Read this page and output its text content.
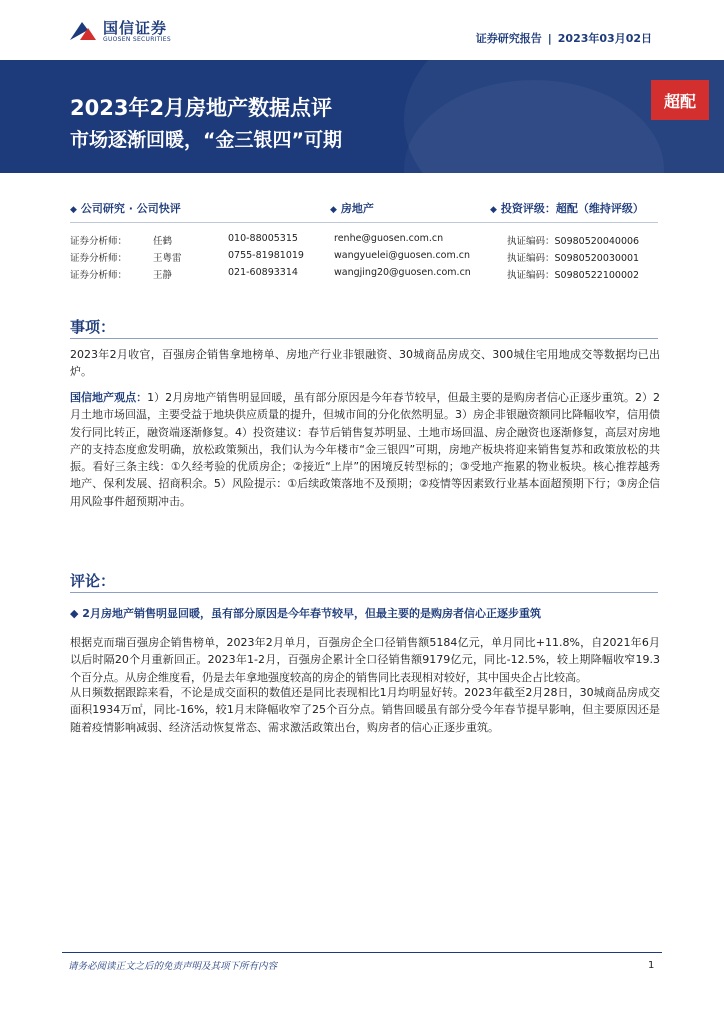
国信证券
GUOSEN SECURITIES	证券研究报告 | 2023年03月02日
2023年2月房地产数据点评
市场逐渐回暖，“金三银四”可期
超配
◆ 公司研究 · 公司快评	◆ 房地产	◆ 投资评级：超配（维持评级）
证券分析师：	任鹤	010-88005315	renhe@guosen.com.cn	执证编码：S0980520040006
证券分析师：	王粤雷	0755-81981019	wangyuelei@guosen.com.cn	执证编码：S0980520030001
证券分析师：	王静	021-60893314	wangjing20@guosen.com.cn	执证编码：S0980522100002
事项：
2023年2月收官，百强房企销售拿地榜单、房地产行业非银融资、30城商品房成交、300城住宅用地成交等数据均已出炉。
国信地产观点：1）2月房地产销售明显回暖，虽有部分原因是今年春节较早，但最主要的是购房者信心正逐步重筑。2）2月土地市场回温，主要受益于地块供应质量的提升，但城市间的分化依然明显。3）房企非银融资额同比降幅收窄，信用债发行同比转正，融资端逐渐修复。4）投资建议：春节后销售复苏明显、土地市场回温、房企融资也逐渐修复，高层对房地产的支持态度愈发明确，放松政策频出，我们认为今年楼市“金三银四”可期，房地产板块将迎来销售复苏和政策放松的共振。看好三条主线：①久经考验的优质房企；②接近“上岸”的困境反转型标的；③受地产拖累的物业板块。核心推荐越秀地产、保利发展、招商积余。5）风险提示：①后续政策落地不及预期；②疫情等因素致行业基本面超预期下行；③房企信用风险事件超预期冲击。
评论：
◆ 2月房地产销售明显回暖，虽有部分原因是今年春节较早，但最主要的是购房者信心正逐步重筑
根据克而瑞百强房企销售榜单，2023年2月单月，百强房企全口径销售额5184亿元，单月同比+11.8%，自2021年6月以后时隔20个月重新回正。2023年1-2月，百强房企累计全口径销售额9179亿元，同比-12.5%，较上期降幅收窄19.3个百分点。从房企维度看，仍是去年拿地强度较高的房企的销售同比表现相对较好，其中国央企占比较高。
从日频数据跟踪来看，不论是成交面积的数值还是同比表现相比1月均明显好转。2023年截至2月28日，30城商品房成交面积1934万㎡，同比-16%，较1月末降幅收窄了25个百分点。销售回暖虽有部分受今年春节提早影响，但主要原因还是随着疫情影响减弱、经济活动恢复常态、需求激活政策出台，购房者的信心正逐步重筑。
请务必阅读正文之后的免责声明及其项下所有内容	1
